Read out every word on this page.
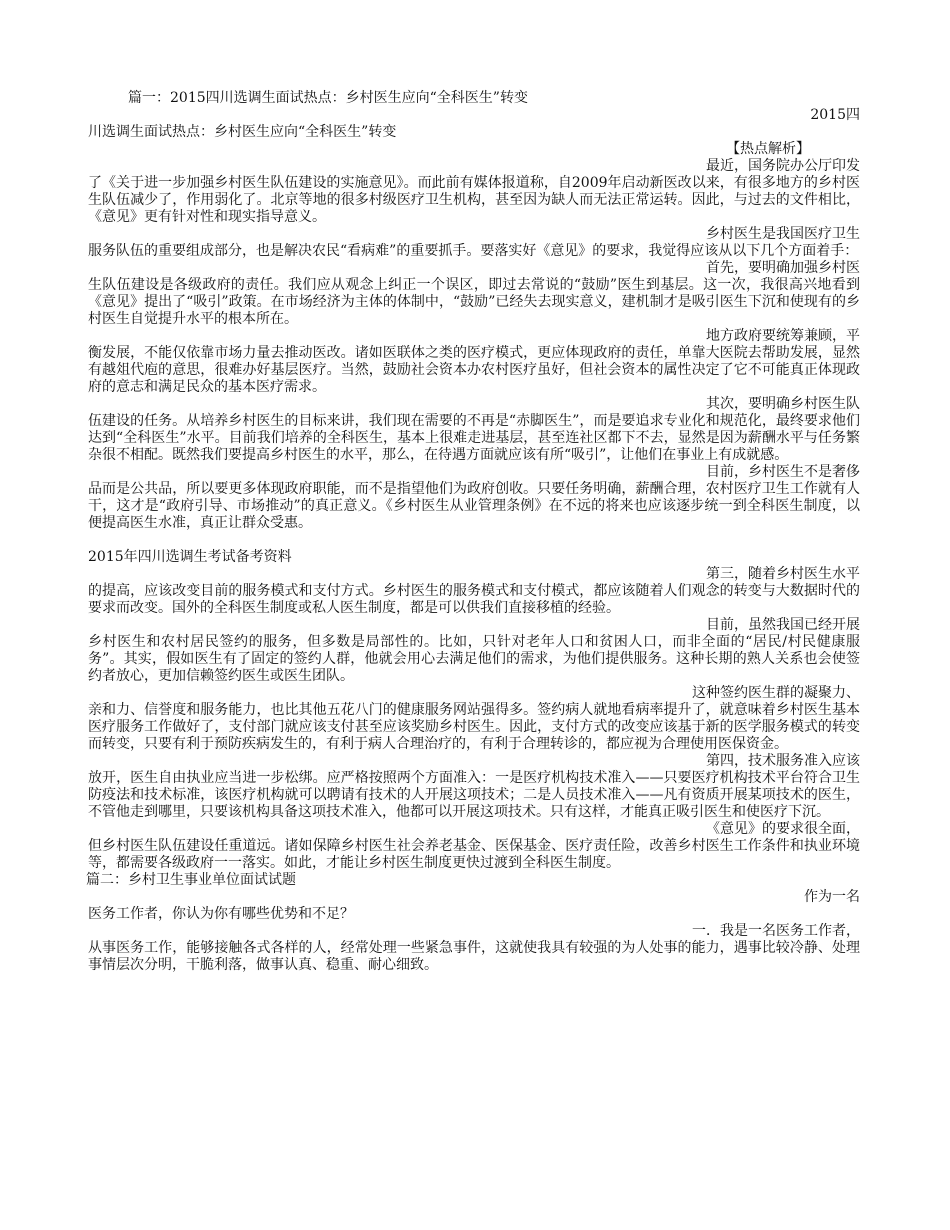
篇一：2015四川选调生面试热点：乡村医生应向“全科医生”转变
2015四
川选调生面试热点：乡村医生应向“全科医生”转变
【热点解析】
最近，国务院办公厅印发

了《关于进一步加强乡村医生队伍建设的实施意见》。而此前有媒体报道称，自2009年启动新医改以来，有很多地方的乡村医生队伍减少了，作用弱化了。北京等地的很多村级医疗卫生机构，甚至因为缺人而无法正常运转。因此，与过去的文件相比，《意见》更有针对性和现实指导意义。

乡村医生是我国医疗卫生

服务队伍的重要组成部分，也是解决农民“看病难”的重要抓手。要落实好《意见》的要求，我觉得应该从以下几个方面着手：

首先，要明确加强乡村医

生队伍建设是各级政府的责任。我们应从观念上纠正一个误区，即过去常说的“鼓励”医生到基层。这一次，我很高兴地看到《意见》提出了“吸引”政策。在市场经济为主体的体制中，“鼓励”已经失去现实意义，建机制才是吸引医生下沉和使现有的乡村医生自觉提升水平的根本所在。

地方政府要统筹兼顾，平

衡发展，不能仅依靠市场力量去推动医改。诸如医联体之类的医疗模式，更应体现政府的责任，单靠大医院去帮助发展，显然有越俎代庖的意思，很难办好基层医疗。当然，鼓励社会资本办农村医疗虽好，但社会资本的属性决定了它不可能真正体现政府的意志和满足民众的基本医疗需求。

其次，要明确乡村医生队

伍建设的任务。从培养乡村医生的目标来讲，我们现在需要的不再是“赤脚医生”，而是要追求专业化和规范化，最终要求他们达到“全科医生”水平。目前我们培养的全科医生，基本上很难走进基层，甚至连社区都下不去，显然是因为薪酬水平与任务繁杂很不相配。既然我们要提高乡村医生的水平，那么，在待遇方面就应该有所“吸引”，让他们在事业上有成就感。

目前，乡村医生不是奢侈

品而是公共品，所以要更多体现政府职能，而不是指望他们为政府创收。只要任务明确，薪酬合理，农村医疗卫生工作就有人干，这才是“政府引导、市场推动”的真正意义。《乡村医生从业管理条例》在不远的将来也应该逐步统一到全科医生制度，以便提高医生水准，真正让群众受惠。

2015年四川选调生考试备考资料
第三，随着乡村医生水平

的提高，应该改变目前的服务模式和支付方式。乡村医生的服务模式和支付模式，都应该随着人们观念的转变与大数据时代的要求而改变。国外的全科医生制度或私人医生制度，都是可以供我们直接移植的经验。

目前，虽然我国已经开展

乡村医生和农村居民签约的服务，但多数是局部性的。比如，只针对老年人口和贫困人口，而非全面的“居民/村民健康服务”。其实，假如医生有了固定的签约人群，他就会用心去满足他们的需求，为他们提供服务。这种长期的熟人关系也会使签约者放心，更加信赖签约医生或医生团队。

这种签约医生群的凝聚力、

亲和力、信誉度和服务能力，也比其他五花八门的健康服务网站强得多。签约病人就地看病率提升了，就意味着乡村医生基本医疗服务工作做好了，支付部门就应该支付甚至应该奖励乡村医生。因此，支付方式的改变应该基于新的医学服务模式的转变而转变，只要有利于预防疾病发生的，有利于病人合理治疗的，有利于合理转诊的，都应视为合理使用医保资金。

第四，技术服务准入应该

放开，医生自由执业应当进一步松绑。应严格按照两个方面准入：一是医疗机构技术准入——只要医疗机构技术平台符合卫生防疫法和技术标准，该医疗机构就可以聘请有技术的人开展这项技术；二是人员技术准入——凡有资质开展某项技术的医生，不管他走到哪里，只要该机构具备这项技术准入，他都可以开展这项技术。只有这样，才能真正吸引医生和使医疗下沉。

《意见》的要求很全面，

但乡村医生队伍建设任重道远。诸如保障乡村医生社会养老基金、医保基金、医疗责任险，改善乡村医生工作条件和执业环境等，都需要各级政府一一落实。如此，才能让乡村医生制度更快过渡到全科医生制度。

篇二：乡村卫生事业单位面试试题
作为一名
医务工作者，你认为你有哪些优势和不足？
一．我是一名医务工作者，

从事医务工作，能够接触各式各样的人，经常处理一些紧急事件，这就使我具有较强的为人处事的能力，遇事比较冷静、处理事情层次分明，干脆利落，做事认真、稳重、耐心细致。
